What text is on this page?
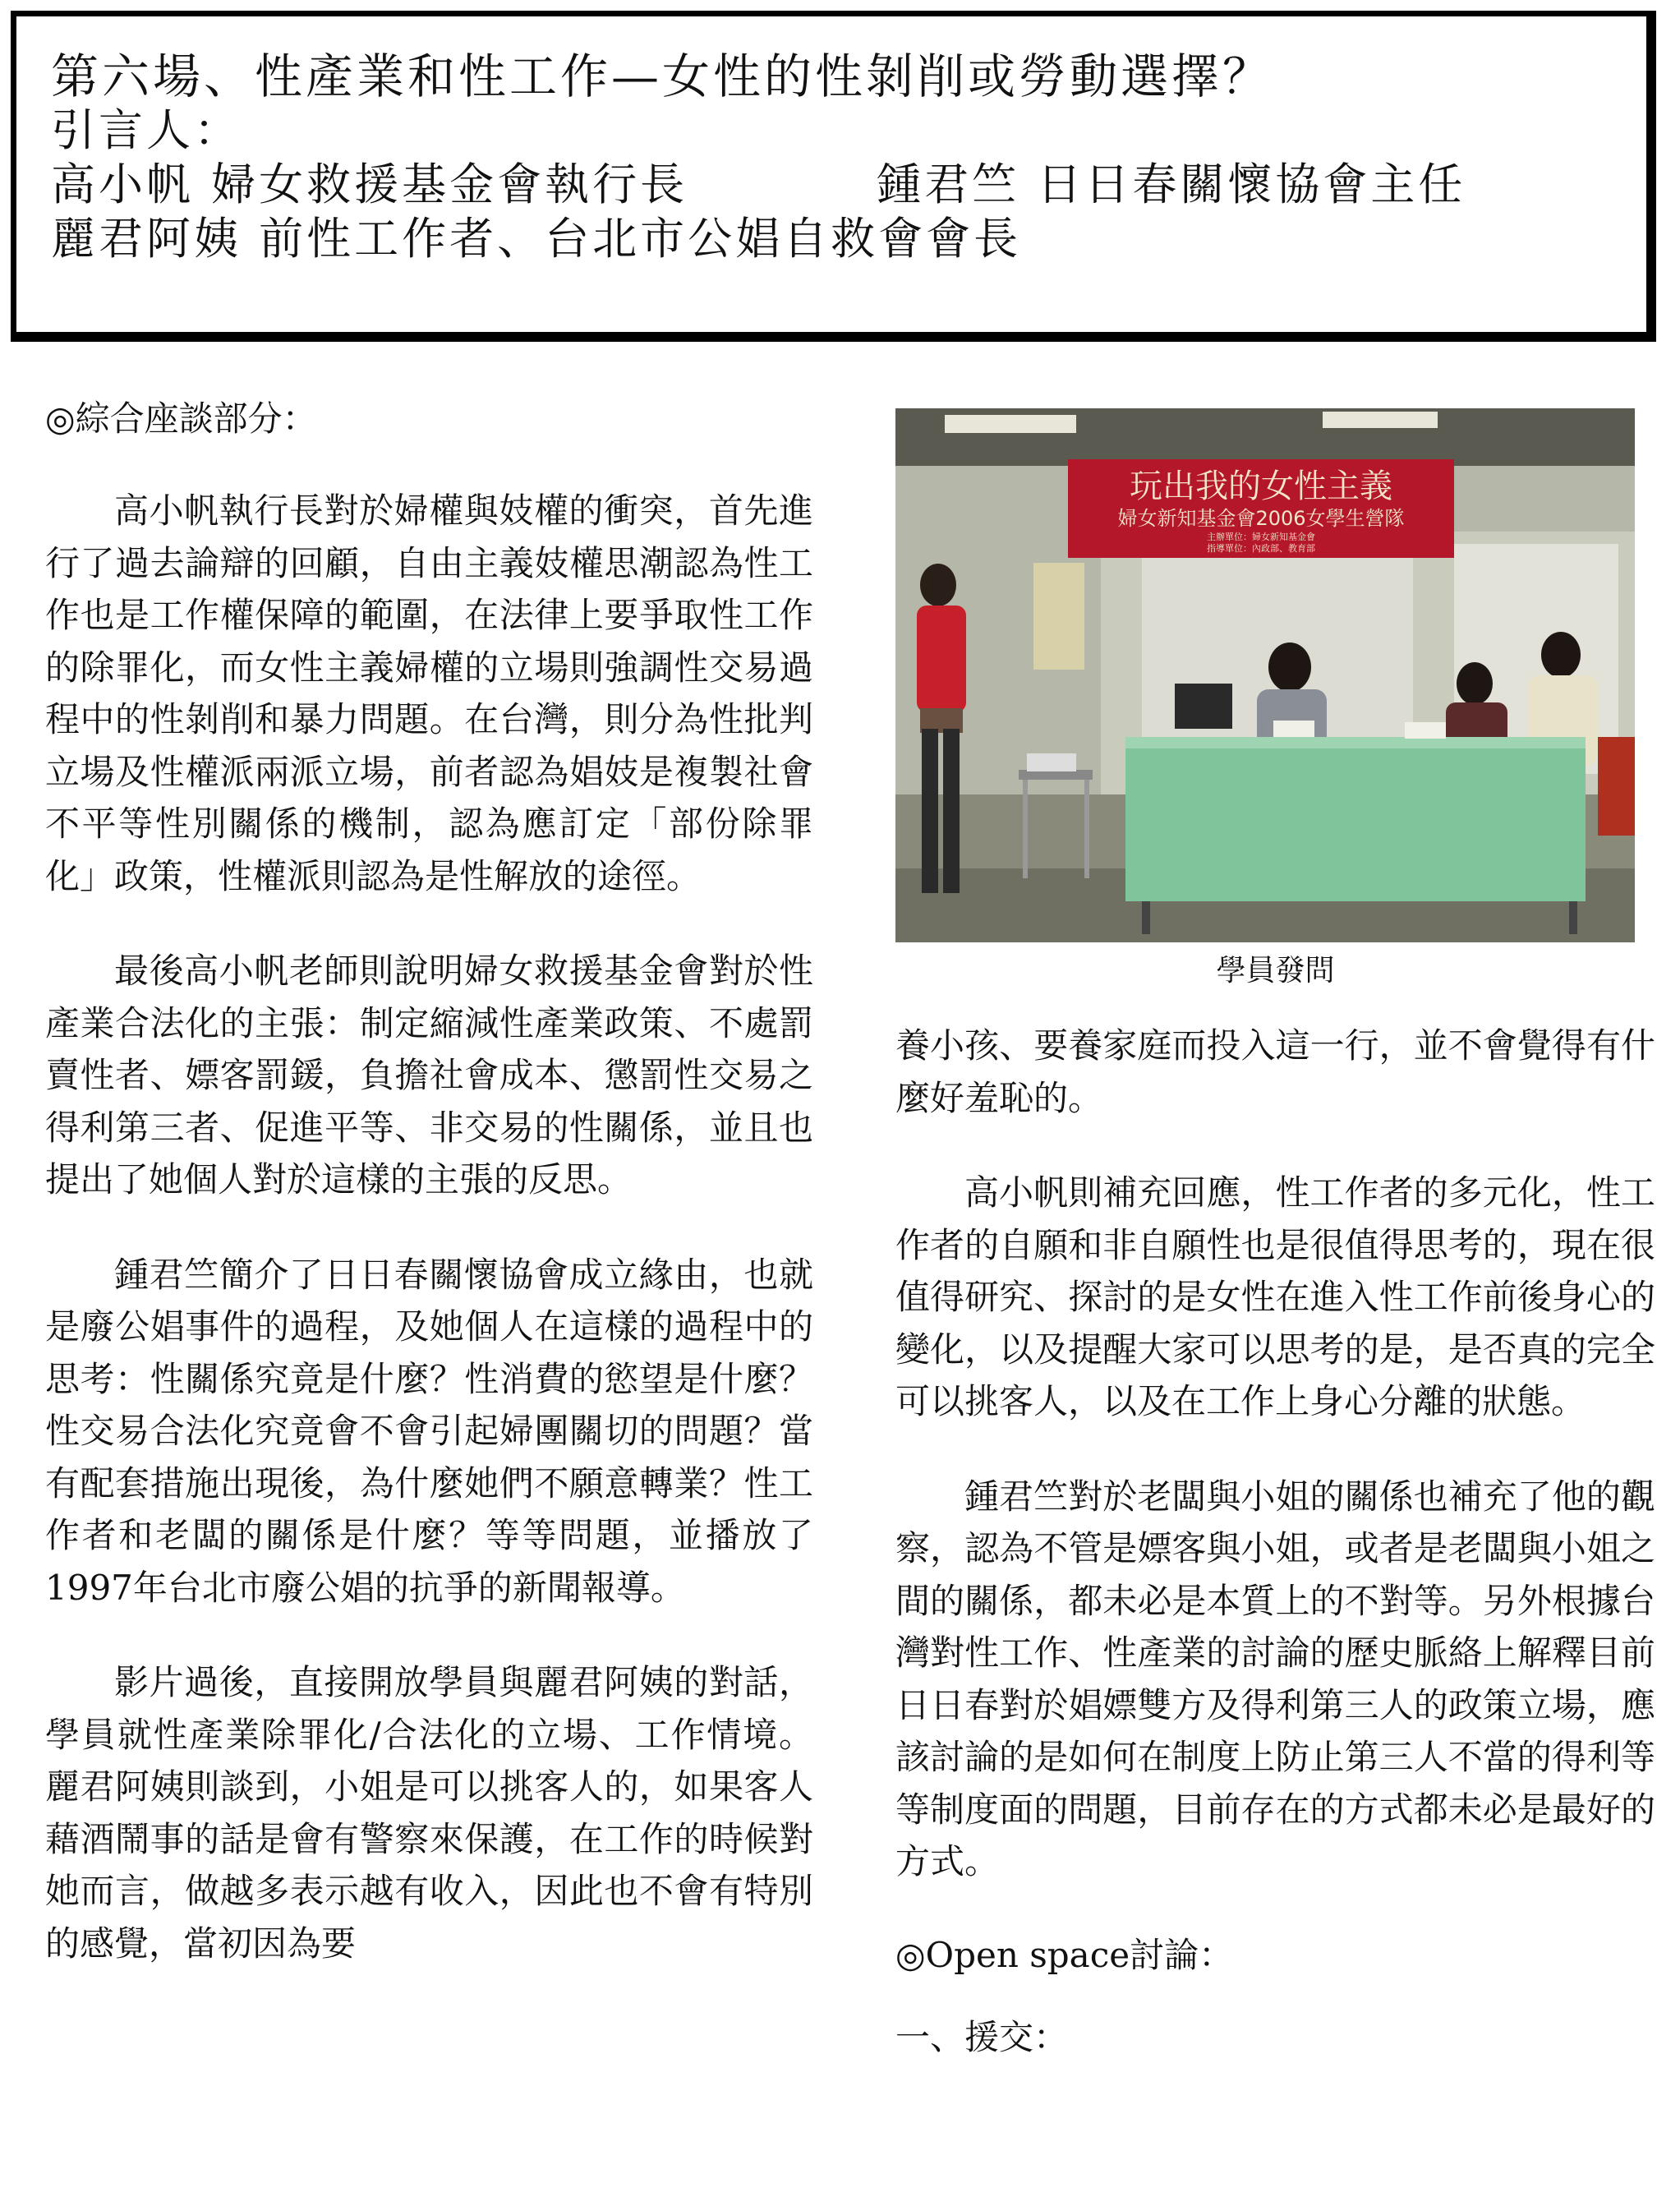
第六場、性產業和性工作—女性的性剝削或勞動選擇？
引言人：
高小帆 婦女救援基金會執行長	鍾君竺 日日春關懷協會主任
麗君阿姨 前性工作者、台北市公娼自救會會長
◎綜合座談部分：

高小帆執行長對於婦權與妓權的衝突，首先進行了過去論辯的回顧，自由主義妓權思潮認為性工作也是工作權保障的範圍，在法律上要爭取性工作的除罪化，而女性主義婦權的立場則強調性交易過程中的性剝削和暴力問題。在台灣，則分為性批判立場及性權派兩派立場，前者認為娼妓是複製社會不平等性別關係的機制，認為應訂定「部份除罪化」政策，性權派則認為是性解放的途徑。

最後高小帆老師則說明婦女救援基金會對於性產業合法化的主張：制定縮減性產業政策、不處罰賣性者、嫖客罰鍰，負擔社會成本、懲罰性交易之得利第三者、促進平等、非交易的性關係，並且也提出了她個人對於這樣的主張的反思。

鍾君竺簡介了日日春關懷協會成立緣由，也就是廢公娼事件的過程，及她個人在這樣的過程中的思考：性關係究竟是什麼？性消費的慾望是什麼？性交易合法化究竟會不會引起婦團關切的問題？當有配套措施出現後，為什麼她們不願意轉業？性工作者和老闆的關係是什麼？等等問題，並播放了1997年台北市廢公娼的抗爭的新聞報導。

影片過後，直接開放學員與麗君阿姨的對話，學員就性產業除罪化/合法化的立場、工作情境。麗君阿姨則談到，小姐是可以挑客人的，如果客人藉酒鬧事的話是會有警察來保護，在工作的時候對她而言，做越多表示越有收入，因此也不會有特別的感覺，當初因為要

玩出我的女性主義
婦女新知基金會2006女學生營隊
主辦單位：婦女新知基金會
指導單位：內政部、教育部
學員發問

養小孩、要養家庭而投入這一行，並不會覺得有什麼好羞恥的。

高小帆則補充回應，性工作者的多元化，性工作者的自願和非自願性也是很值得思考的，現在很值得研究、探討的是女性在進入性工作前後身心的變化，以及提醒大家可以思考的是，是否真的完全可以挑客人，以及在工作上身心分離的狀態。

鍾君竺對於老闆與小姐的關係也補充了他的觀察，認為不管是嫖客與小姐，或者是老闆與小姐之間的關係，都未必是本質上的不對等。另外根據台灣對性工作、性產業的討論的歷史脈絡上解釋目前日日春對於娼嫖雙方及得利第三人的政策立場，應該討論的是如何在制度上防止第三人不當的得利等等制度面的問題，目前存在的方式都未必是最好的方式。

◎Open space討論：
一、援交：
